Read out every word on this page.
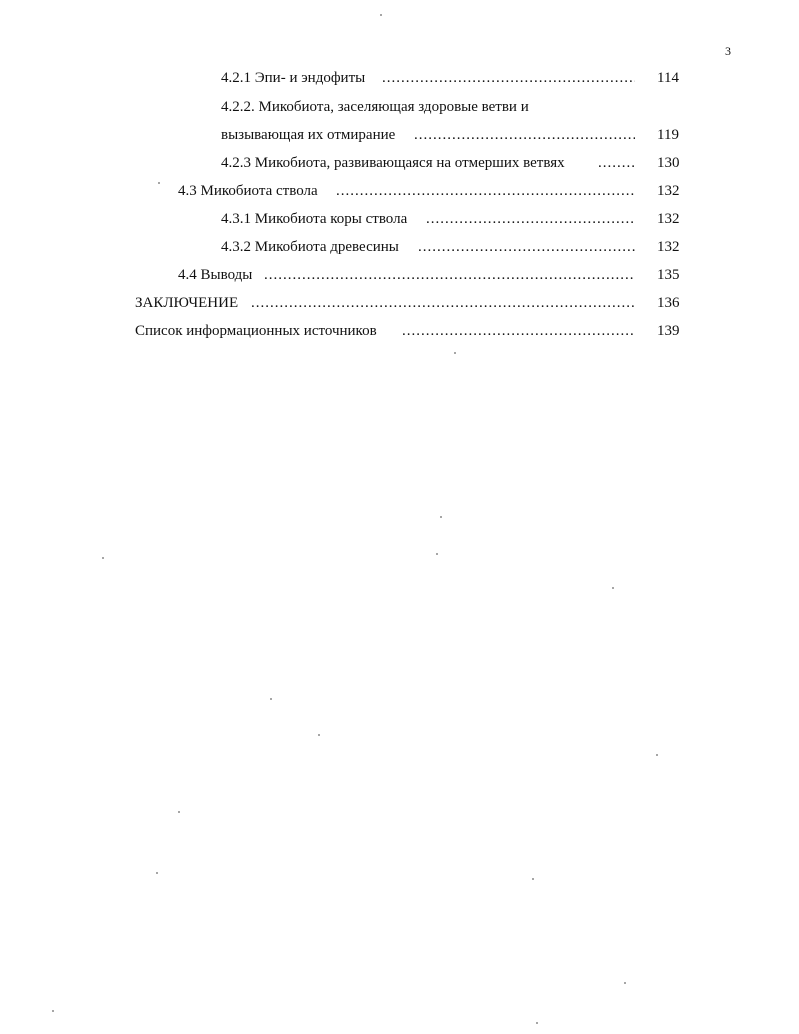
3
4.2.1 Эпи- и эндофиты .....	114
4.2.2. Микобиота, заселяющая здоровые ветви и
вызывающая их отмирание .....	119
4.2.3 Микобиота, развивающаяся на отмерших ветвях .....	130
4.3 Микобиота ствола .....	132
4.3.1 Микобиота коры ствола .....	132
4.3.2 Микобиота древесины .....	132
4.4 Выводы .....	135
ЗАКЛЮЧЕНИЕ .....	136
Список информационных источников .....	139
